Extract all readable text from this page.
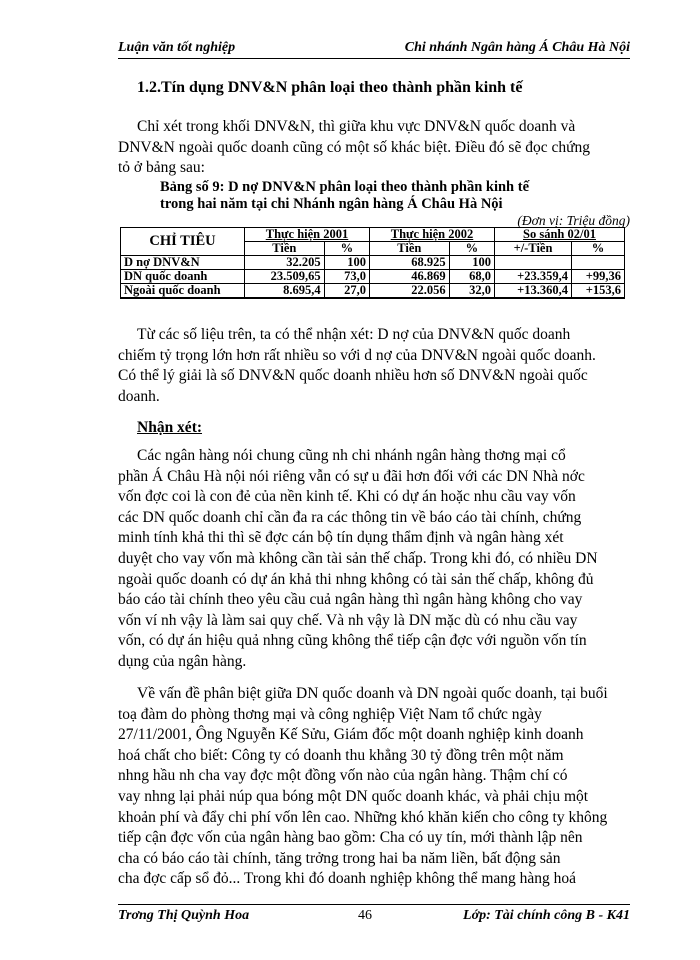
Luận văn tốt nghiệp	Chi nhánh Ngân hàng Á Châu Hà Nội
1.2.Tín dụng DNV&N phân loại theo thành phần kinh tế
Chỉ xét trong khối DNV&N, thì giữa khu vực DNV&N quốc doanh và
DNV&N ngoài quốc doanh cũng có một số khác biệt. Điều đó sẽ đọc chứng
tỏ ở bảng sau:
Bảng số 9: D nợ DNV&N phân loại theo thành phần kinh tế
trong hai năm tại chi Nhánh ngân hàng Á Châu Hà Nội
(Đơn vị: Triệu đồng)
CHỈ TIÊU	Thực hiện 2001		Thực hiện 2002		So sánh 02/01	
	Tiền	%	Tiền	%	+/-Tiền	%
D nợ DNV&N	32.205	100	68.925	100		
DN quốc doanh	23.509,65	73,0	46.869	68,0	+23.359,4	+99,36
Ngoài quốc doanh	8.695,4	27,0	22.056	32,0	+13.360,4	+153,6
Từ các số liệu trên, ta có thể nhận xét: D nợ của DNV&N quốc doanh
chiếm tỷ trọng lớn hơn rất nhiều so với d nợ của DNV&N ngoài quốc doanh.
Có thể lý giải là số DNV&N quốc doanh nhiều hơn số DNV&N ngoài quốc
doanh.
Nhận xét:
Các ngân hàng nói chung cũng nh chi nhánh ngân hàng thơng mại cổ
phần Á Châu Hà nội nói riêng vẫn có sự u đãi hơn đối với các DN Nhà nớc
vốn đợc coi là con đẻ của nền kinh tế. Khi có dự án hoặc nhu cầu vay vốn
các DN quốc doanh chỉ cần đa ra các thông tin về báo cáo tài chính, chứng
minh tính khả thi thì sẽ đợc cán bộ tín dụng thẩm định và ngân hàng xét
duyệt cho vay vốn mà không cần tài sản thế chấp. Trong khi đó, có nhiều DN
ngoài quốc doanh có dự án khả thi nhng không có tài sản thế chấp, không đủ
báo cáo tài chính theo yêu cầu cuả ngân hàng thì ngân hàng không cho vay
vốn ví nh vậy là làm sai quy chế. Và nh vậy là DN mặc dù có nhu cầu vay
vốn, có dự án hiệu quả nhng cũng không thể tiếp cận đợc với nguồn vốn tín
dụng của ngân hàng.
Về vấn đề phân biệt giữa DN quốc doanh và DN ngoài quốc doanh, tại buổi
toạ đàm do phòng thơng mại và công nghiệp Việt Nam tổ chức ngày
27/11/2001, Ông Nguyễn Kế Sửu, Giám đốc một doanh nghiệp kinh doanh
hoá chất cho biết: Công ty có doanh thu khẳng 30 tỷ đồng trên một năm
nhng hầu nh cha vay đợc một đồng vốn nào của ngân hàng. Thậm chí có
vay nhng lại phải núp qua bóng một DN quốc doanh khác, và phải chịu một
khoản phí và đẩy chi phí vốn lên cao. Những khó khăn kiến cho công ty không
tiếp cận đợc vốn của ngân hàng bao gồm: Cha có uy tín, mới thành lập nên
cha có báo cáo tài chính, tăng trởng trong hai ba năm liền, bất động sản
cha đợc cấp sổ đỏ... Trong khi đó doanh nghiệp không thể mang hàng hoá
Trơng Thị Quỳnh Hoa	46	Lớp: Tài chính công B - K41
